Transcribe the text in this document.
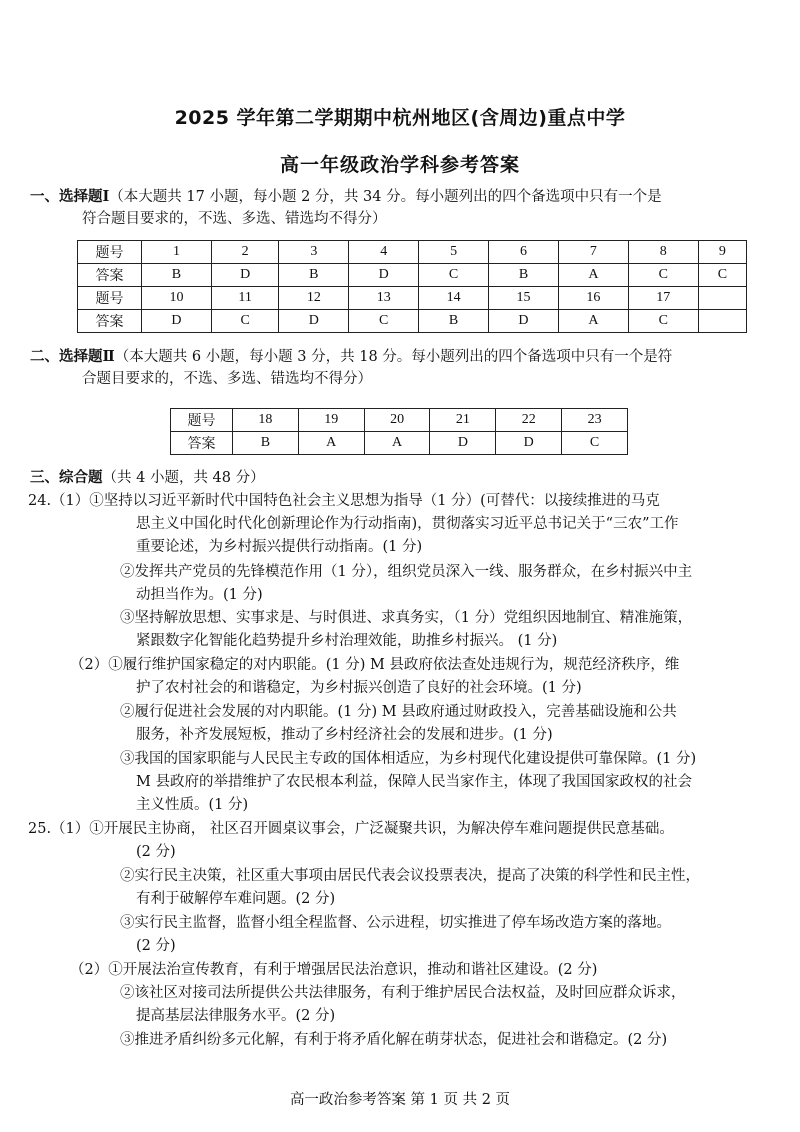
2025 学年第二学期期中杭州地区(含周边)重点中学
高一年级政治学科参考答案
一、选择题Ⅰ（本大题共 17 小题，每小题 2 分，共 34 分。每小题列出的四个备选项中只有一个是
符合题目要求的，不选、多选、错选均不得分）
题号	1	2	3	4	5	6	7	8	9
答案	B	D	B	D	C	B	A	C	C
题号	10	11	12	13	14	15	16	17	
答案	D	C	D	C	B	D	A	C	
二、选择题Ⅱ（本大题共 6 小题，每小题 3 分，共 18 分。每小题列出的四个备选项中只有一个是符
合题目要求的，不选、多选、错选均不得分）
题号	18	19	20	21	22	23
答案	B	A	A	D	D	C
三、综合题（共 4 小题，共 48 分）
24.（1）①坚持以习近平新时代中国特色社会主义思想为指导（1 分）(可替代：以接续推进的马克
思主义中国化时代化创新理论作为行动指南)，贯彻落实习近平总书记关于“三农”工作
重要论述，为乡村振兴提供行动指南。(1 分)
②发挥共产党员的先锋模范作用（1 分），组织党员深入一线、服务群众，在乡村振兴中主
动担当作为。(1 分)
③坚持解放思想、实事求是、与时俱进、求真务实，（1 分）党组织因地制宜、精准施策，
紧跟数字化智能化趋势提升乡村治理效能，助推乡村振兴。 (1 分)
（2）①履行维护国家稳定的对内职能。(1 分) M 县政府依法查处违规行为，规范经济秩序，维
护了农村社会的和谐稳定，为乡村振兴创造了良好的社会环境。(1 分)
②履行促进社会发展的对内职能。(1 分) M 县政府通过财政投入，完善基础设施和公共
服务，补齐发展短板，推动了乡村经济社会的发展和进步。(1 分)
③我国的国家职能与人民民主专政的国体相适应，为乡村现代化建设提供可靠保障。(1 分)
M 县政府的举措维护了农民根本利益，保障人民当家作主，体现了我国国家政权的社会
主义性质。(1 分)
25.（1）①开展民主协商， 社区召开圆桌议事会，广泛凝聚共识，为解决停车难问题提供民意基础。
(2 分)
②实行民主决策，社区重大事项由居民代表会议投票表决，提高了决策的科学性和民主性，
有利于破解停车难问题。(2 分)
③实行民主监督，监督小组全程监督、公示进程，切实推进了停车场改造方案的落地。
(2 分)
（2）①开展法治宣传教育，有利于增强居民法治意识，推动和谐社区建设。(2 分)
②该社区对接司法所提供公共法律服务，有利于维护居民合法权益，及时回应群众诉求，
提高基层法律服务水平。(2 分)
③推进矛盾纠纷多元化解，有利于将矛盾化解在萌芽状态，促进社会和谐稳定。(2 分)
高一政治参考答案 第 1 页 共 2 页
